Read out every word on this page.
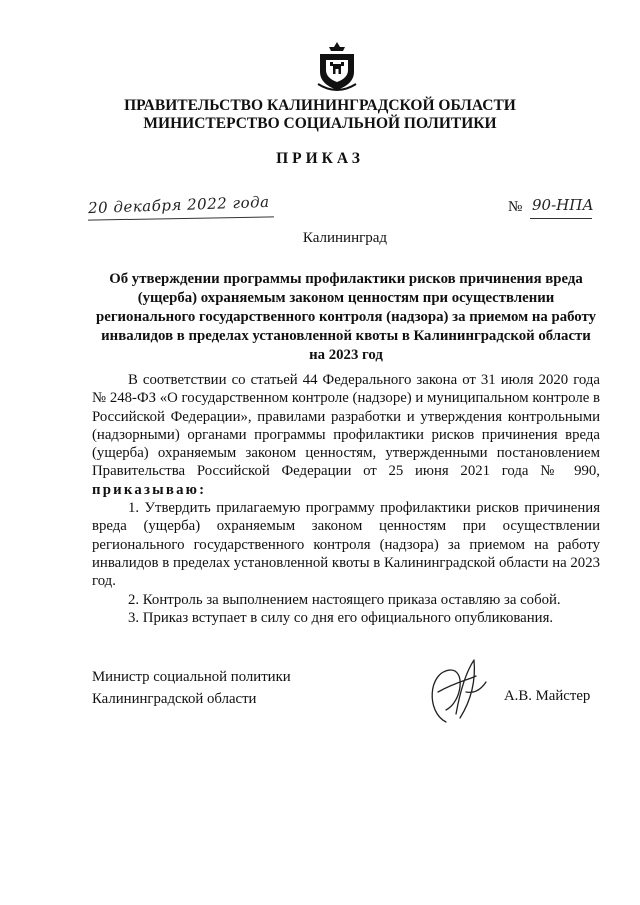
ПРАВИТЕЛЬСТВО КАЛИНИНГРАДСКОЙ ОБЛАСТИ
МИНИСТЕРСТВО СОЦИАЛЬНОЙ ПОЛИТИКИ
ПРИКАЗ
20 декабря 2022 года	№ 90-НПА
Калининград
Об утверждении программы профилактики рисков причинения вреда (ущерба) охраняемым законом ценностям при осуществлении регионального государственного контроля (надзора) за приемом на работу инвалидов в пределах установленной квоты в Калининградской области на 2023 год

В соответствии со статьей 44 Федерального закона от 31 июля 2020 года № 248-ФЗ «О государственном контроле (надзоре) и муниципальном контроле в Российской Федерации», правилами разработки и утверждения контрольными (надзорными) органами программы профилактики рисков причинения вреда (ущерба) охраняемым законом ценностям, утвержденными постановлением Правительства Российской Федерации от 25 июня 2021 года № 990, приказываю:

1. Утвердить прилагаемую программу профилактики рисков причинения вреда (ущерба) охраняемым законом ценностям при осуществлении регионального государственного контроля (надзора) за приемом на работу инвалидов в пределах установленной квоты в Калининградской области на 2023 год.

2. Контроль за выполнением настоящего приказа оставляю за собой.

3. Приказ вступает в силу со дня его официального опубликования.

Министр социальной политики
Калининградской области	А.В. Майстер
